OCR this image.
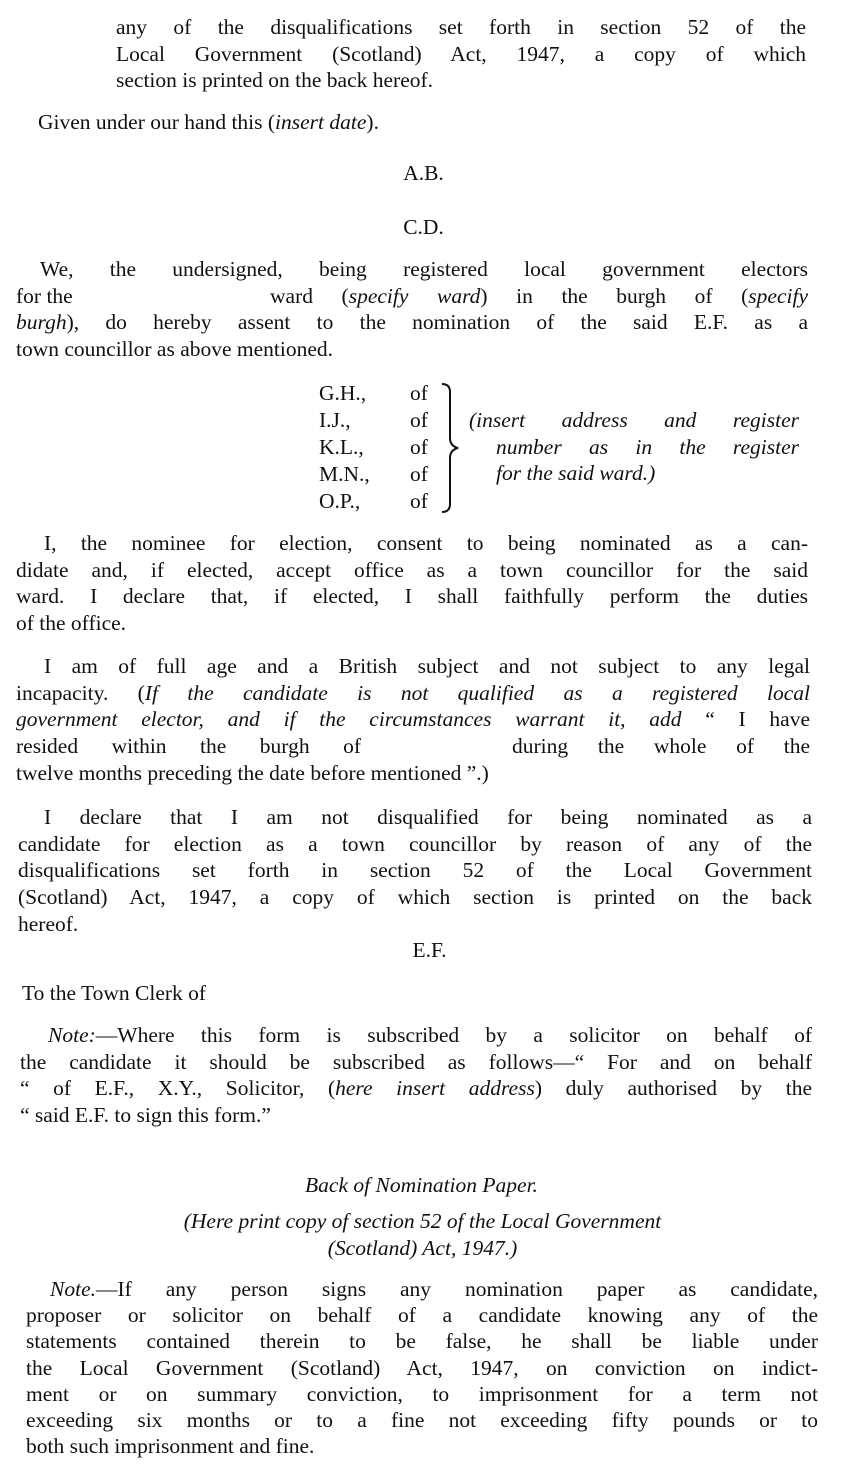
any of the disqualifications set forth in section 52 of the
Local Government (Scotland) Act, 1947, a copy of which
section is printed on the back hereof.
Given under our hand this (insert date).
A.B.
C.D.
We, the undersigned, being registered local government electors
for the	ward (specify ward) in the burgh of (specify
burgh), do hereby assent to the nomination of the said E.F. as a
town councillor as above mentioned.
G.H., of
I.J.,	of
K.L., of
M.N., of
O.P., of
(insert address and register
number as in the register
for the said ward.)
I, the nominee for election, consent to being nominated as a can-
didate and, if elected, accept office as a town councillor for the said
ward. I declare that, if elected, I shall faithfully perform the duties
of the office.
I am of full age and a British subject and not subject to any legal
incapacity. (If the candidate is not qualified as a registered local
government elector, and if the circumstances warrant it, add “ I have
resided within the burgh of	during the whole of the
twelve months preceding the date before mentioned ”.)
I declare that I am not disqualified for being nominated as a
candidate for election as a town councillor by reason of any of the
disqualifications set forth in section 52 of the Local Government
(Scotland) Act, 1947, a copy of which section is printed on the back
hereof.
E.F.
To the Town Clerk of
Note:—Where this form is subscribed by a solicitor on behalf of
the candidate it should be subscribed as follows—“ For and on behalf
“ of E.F., X.Y., Solicitor, (here insert address) duly authorised by the
“ said E.F. to sign this form.”
Back of Nomination Paper.
(Here print copy of section 52 of the Local Government
(Scotland) Act, 1947.)
Note.—If any person signs any nomination paper as candidate,
proposer or solicitor on behalf of a candidate knowing any of the
statements contained therein to be false, he shall be liable under
the Local Government (Scotland) Act, 1947, on conviction on indict-
ment or on summary conviction, to imprisonment for a term not
exceeding six months or to a fine not exceeding fifty pounds or to
both such imprisonment and fine.
